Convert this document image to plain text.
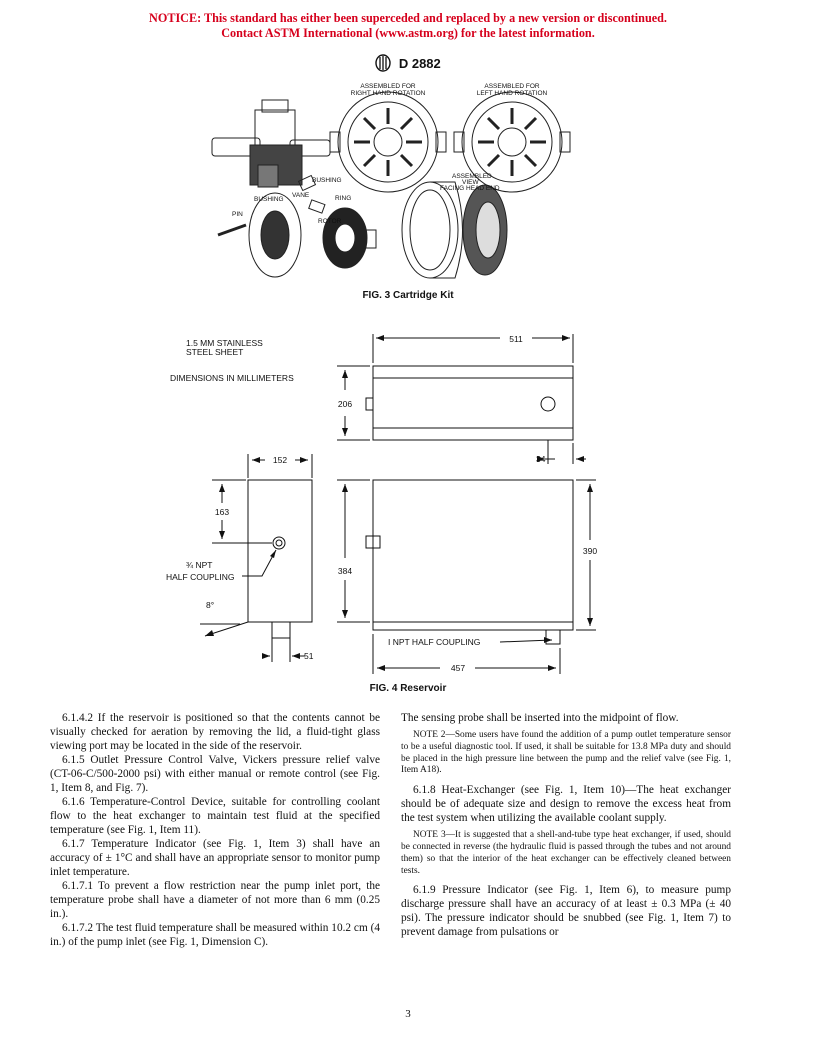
NOTICE: This standard has either been superceded and replaced by a new version or discontinued.
Contact ASTM International (www.astm.org) for the latest information.
D 2882
ASSEMBLED FOR
RIGHT HAND ROTATION
ASSEMBLED FOR
LEFT HAND ROTATION
ASSEMBLED
VIEW
FACING HEAD END
BUSHING
BUSHING
VANE	RING
PIN
ROTOR
FIG. 3 Cartridge Kit
1.5 MM STAINLESS
STEEL SHEET
DIMENSIONS IN MILLIMETERS
511
206
34
152
163
¾ NPT
HALF COUPLING
8°
384
390
I NPT HALF COUPLING
51
457
FIG. 4 Reservoir

6.1.4.2 If the reservoir is positioned so that the contents cannot be visually checked for aeration by removing the lid, a fluid-tight glass viewing port may be located in the side of the reservoir.

6.1.5 Outlet Pressure Control Valve, Vickers pressure relief valve (CT-06-C/500-2000 psi) with either manual or remote control (see Fig. 1, Item 8, and Fig. 7).

6.1.6 Temperature-Control Device, suitable for controlling coolant flow to the heat exchanger to maintain test fluid at the specified temperature (see Fig. 1, Item 11).

6.1.7 Temperature Indicator (see Fig. 1, Item 3) shall have an accuracy of ± 1°C and shall have an appropriate sensor to monitor pump inlet temperature.

6.1.7.1 To prevent a flow restriction near the pump inlet port, the temperature probe shall have a diameter of not more than 6 mm (0.25 in.).

6.1.7.2 The test fluid temperature shall be measured within 10.2 cm (4 in.) of the pump inlet (see Fig. 1, Dimension C).

The sensing probe shall be inserted into the midpoint of flow.

NOTE 2—Some users have found the addition of a pump outlet temperature sensor to be a useful diagnostic tool. If used, it shall be suitable for 13.8 MPa duty and should be placed in the high pressure line between the pump and the relief valve (see Fig. 1, Item A18).

6.1.8 Heat-Exchanger (see Fig. 1, Item 10)—The heat exchanger should be of adequate size and design to remove the excess heat from the test system when utilizing the available coolant supply.

NOTE 3—It is suggested that a shell-and-tube type heat exchanger, if used, should be connected in reverse (the hydraulic fluid is passed through the tubes and not around them) so that the interior of the heat exchanger can be effectively cleaned between tests.

6.1.9 Pressure Indicator (see Fig. 1, Item 6), to measure pump discharge pressure shall have an accuracy of at least ± 0.3 MPa (± 40 psi). The pressure indicator should be snubbed (see Fig. 1, Item 7) to prevent damage from pulsations or

3
